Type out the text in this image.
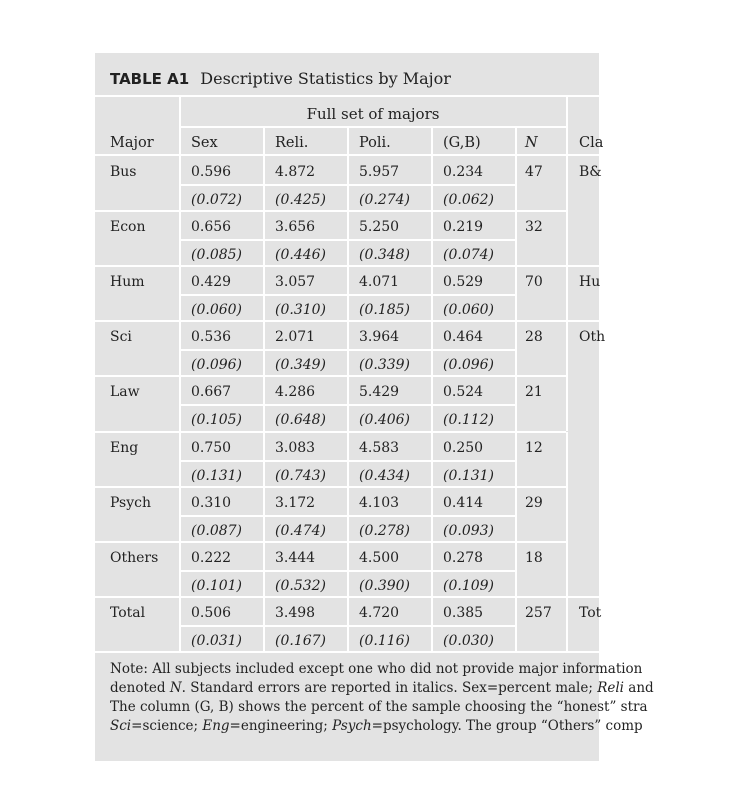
TABLE A1 Descriptive Statistics by Major
Full set of majors
Major	Sex	Reli.	Poli.	(G,B)	N	Cla
Bus	0.596	4.872	5.957	0.234	47	B&
(0.072) (0.425) (0.274) (0.062)
Econ	0.656	3.656	5.250	0.219	32
(0.085) (0.446) (0.348) (0.074)
Hum	0.429	3.057	4.071	0.529	70	Hu
(0.060) (0.310) (0.185) (0.060)
Sci	0.536	2.071	3.964	0.464	28	Oth
(0.096) (0.349) (0.339) (0.096)
Law	0.667	4.286	5.429	0.524	21
(0.105) (0.648) (0.406) (0.112)
Eng	0.750	3.083	4.583	0.250	12
(0.131) (0.743) (0.434) (0.131)
Psych	0.310	3.172	4.103	0.414	29
(0.087) (0.474) (0.278) (0.093)
Others 0.222	3.444	4.500	0.278	18
(0.101) (0.532) (0.390) (0.109)
Total	0.506	3.498	4.720	0.385	257 Tot
(0.031) (0.167) (0.116) (0.030)
Note: All subjects included except one who did not provide major information
denoted N. Standard errors are reported in italics. Sex=percent male; Reli and
The column (G, B) shows the percent of the sample choosing the “honest” stra
Sci=science; Eng=engineering; Psych=psychology. The group “Others” comp
